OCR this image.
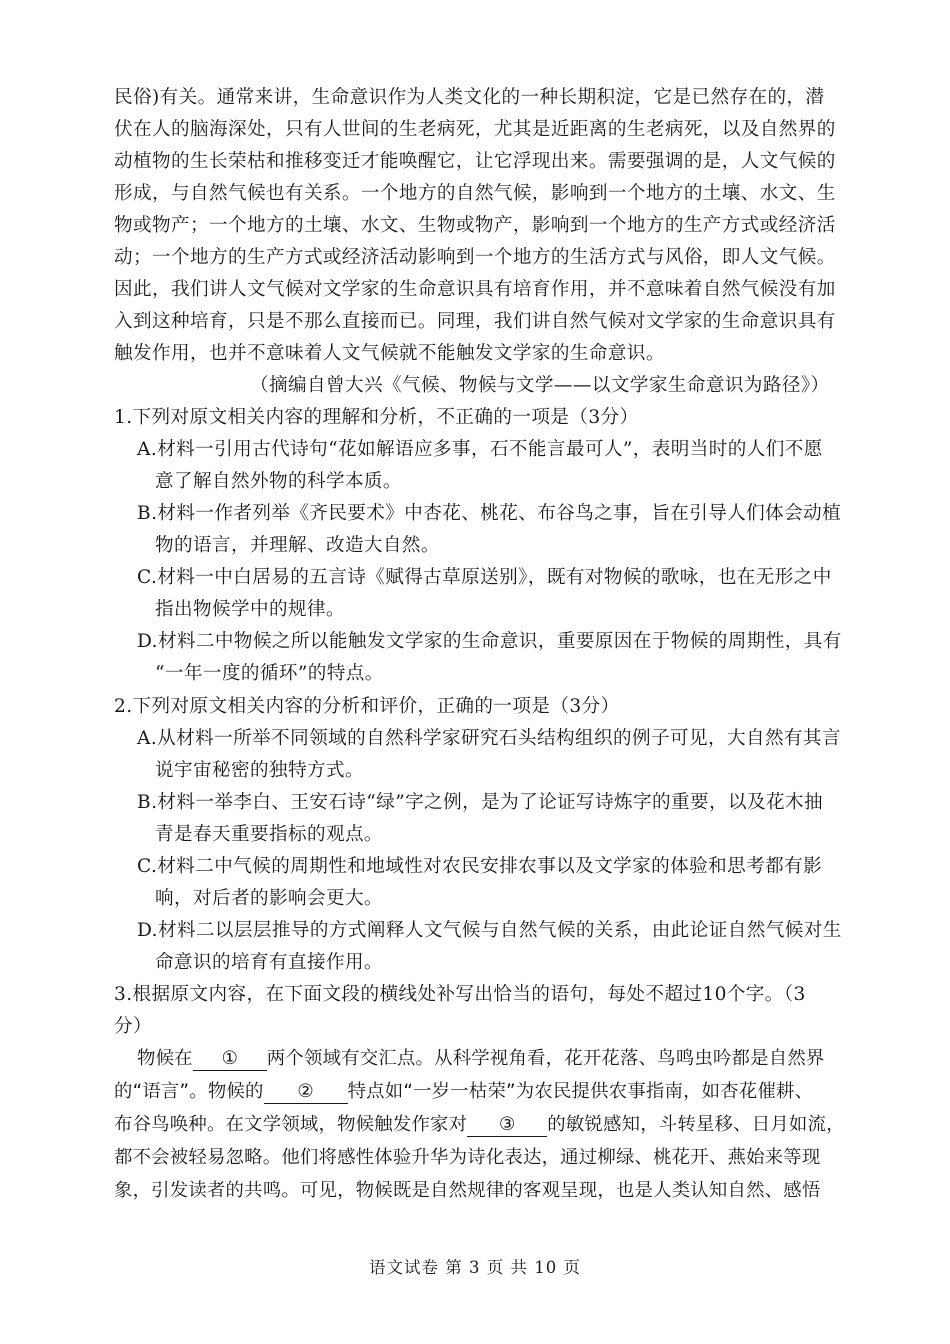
民俗)有关。通常来讲，生命意识作为人类文化的一种长期积淀，它是已然存在的，潜
伏在人的脑海深处，只有人世间的生老病死，尤其是近距离的生老病死，以及自然界的
动植物的生长荣枯和推移变迁才能唤醒它，让它浮现出来。需要强调的是，人文气候的
形成，与自然气候也有关系。一个地方的自然气候，影响到一个地方的土壤、水文、生
物或物产；一个地方的土壤、水文、生物或物产，影响到一个地方的生产方式或经济活
动；一个地方的生产方式或经济活动影响到一个地方的生活方式与风俗，即人文气候。
因此，我们讲人文气候对文学家的生命意识具有培育作用，并不意味着自然气候没有加
入到这种培育，只是不那么直接而已。同理，我们讲自然气候对文学家的生命意识具有
触发作用，也并不意味着人文气候就不能触发文学家的生命意识。
（摘编自曾大兴《气候、物候与文学——以文学家生命意识为路径》）
1.下列对原文相关内容的理解和分析，不正确的一项是（3分）
A.材料一引用古代诗句“花如解语应多事，石不能言最可人”，表明当时的人们不愿
意了解自然外物的科学本质。
B.材料一作者列举《齐民要术》中杏花、桃花、布谷鸟之事，旨在引导人们体会动植
物的语言，并理解、改造大自然。
C.材料一中白居易的五言诗《赋得古草原送别》，既有对物候的歌咏，也在无形之中
指出物候学中的规律。
D.材料二中物候之所以能触发文学家的生命意识，重要原因在于物候的周期性，具有
“一年一度的循环”的特点。
2.下列对原文相关内容的分析和评价，正确的一项是（3分）
A.从材料一所举不同领域的自然科学家研究石头结构组织的例子可见，大自然有其言
说宇宙秘密的独特方式。
B.材料一举李白、王安石诗“绿”字之例，是为了论证写诗炼字的重要，以及花木抽
青是春天重要指标的观点。
C.材料二中气候的周期性和地域性对农民安排农事以及文学家的体验和思考都有影
响，对后者的影响会更大。
D.材料二以层层推导的方式阐释人文气候与自然气候的关系，由此论证自然气候对生
命意识的培育有直接作用。
3.根据原文内容，在下面文段的横线处补写出恰当的语句，每处不超过10个字。（3
分）
物候在 ① 两个领域有交汇点。从科学视角看，花开花落、鸟鸣虫吟都是自然界
的“语言”。物候的 ② 特点如“一岁一枯荣”为农民提供农事指南，如杏花催耕、
布谷鸟唤种。在文学领域，物候触发作家对 ③ 的敏锐感知，斗转星移、日月如流，
都不会被轻易忽略。他们将感性体验升华为诗化表达，通过柳绿、桃花开、燕始来等现
象，引发读者的共鸣。可见，物候既是自然规律的客观呈现，也是人类认知自然、感悟
语文试卷 第 3 页 共 10 页
